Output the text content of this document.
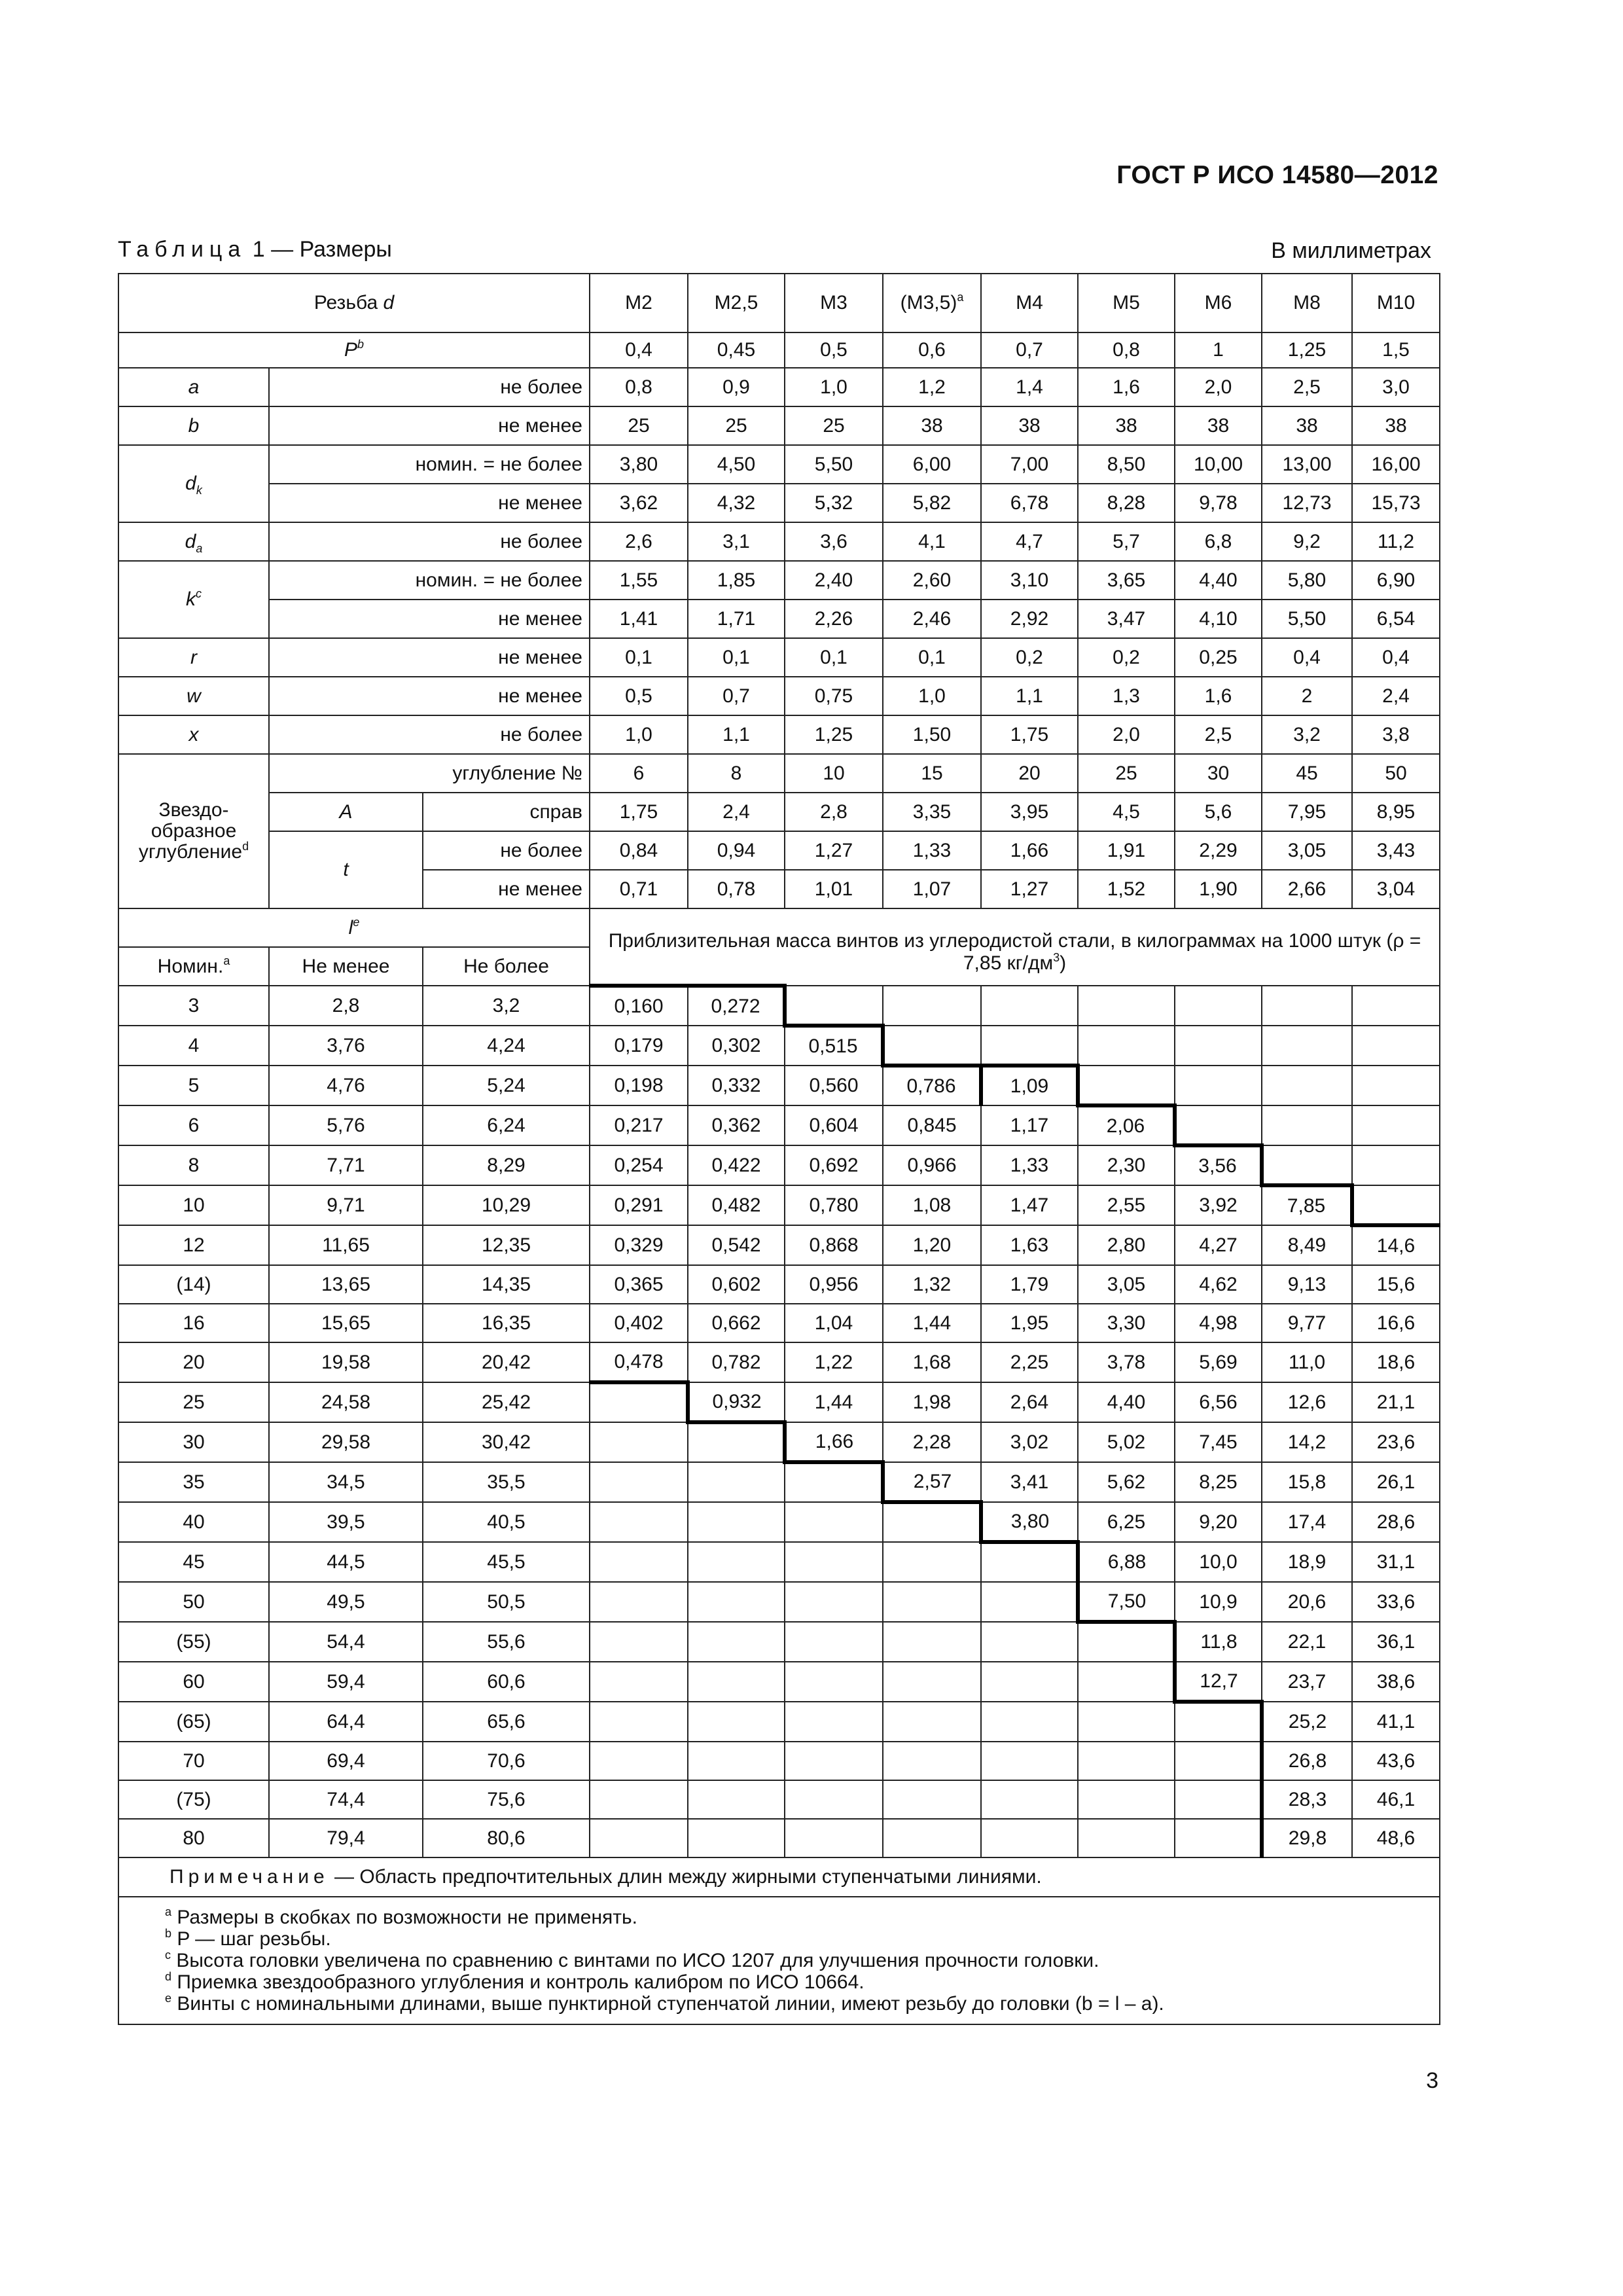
ГОСТ Р ИСО 14580—2012
Таблица 1 — Размеры	В миллиметрах
Резьба d			M2	M2,5	M3	$(M3,5)^a$	M4	M5	M6	M8	M10
$P^b$			0,4	0,45	0,5	0,6	0,7	0,8	1	1,25	1,5
a	не более		0,8	0,9	1,0	1,2	1,4	1,6	2,0	2,5	3,0
b	не менее		25	25	25	38	38	38	38	38	38
$d_k$	номин. = не более		3,80	4,50	5,50	6,00	7,00	8,50	10,00	13,00	16,00
	не менее		3,62	4,32	5,32	5,82	6,78	8,28	9,78	12,73	15,73
$d_a$	не более		2,6	3,1	3,6	4,1	4,7	5,7	6,8	9,2	11,2
$k^c$	номин. = не более		1,55	1,85	2,40	2,60	3,10	3,65	4,40	5,80	6,90
	не менее		1,41	1,71	2,26	2,46	2,92	3,47	4,10	5,50	6,54
r	не менее		0,1	0,1	0,1	0,1	0,2	0,2	0,25	0,4	0,4
w	не менее		0,5	0,7	0,75	1,0	1,1	1,3	1,6	2	2,4
x	не более		1,0	1,1	1,25	1,50	1,75	2,0	2,5	3,2	3,8
Звездо-образное углубление$^d$	углубление №		6	8	10	15	20	25	30	45	50
	A	справ	1,75	2,4	2,8	3,35	3,95	4,5	5,6	7,95	8,95
	t	не более	0,84	0,94	1,27	1,33	1,66	1,91	2,29	3,05	3,43
		не менее	0,71	0,78	1,01	1,07	1,27	1,52	1,90	2,66	3,04
$l^e$			Приблизительная масса винтов из углеродистой стали, в килограммах на 1000 штук (ρ = 7,85 $кг/дм^3$)								
Номин.$^a$	Не менее	Не более									
3	2,8	3,2	0,160	0,272							
4	3,76	4,24	0,179	0,302	0,515						
5	4,76	5,24	0,198	0,332	0,560	0,786	1,09				
6	5,76	6,24	0,217	0,362	0,604	0,845	1,17	2,06			
8	7,71	8,29	0,254	0,422	0,692	0,966	1,33	2,30	3,56		
10	9,71	10,29	0,291	0,482	0,780	1,08	1,47	2,55	3,92	7,85	
12	11,65	12,35	0,329	0,542	0,868	1,20	1,63	2,80	4,27	8,49	14,6
(14)	13,65	14,35	0,365	0,602	0,956	1,32	1,79	3,05	4,62	9,13	15,6
16	15,65	16,35	0,402	0,662	1,04	1,44	1,95	3,30	4,98	9,77	16,6
20	19,58	20,42	0,478	0,782	1,22	1,68	2,25	3,78	5,69	11,0	18,6
25	24,58	25,42		0,932	1,44	1,98	2,64	4,40	6,56	12,6	21,1
30	29,58	30,42			1,66	2,28	3,02	5,02	7,45	14,2	23,6
35	34,5	35,5				2,57	3,41	5,62	8,25	15,8	26,1
40	39,5	40,5					3,80	6,25	9,20	17,4	28,6
45	44,5	45,5						6,88	10,0	18,9	31,1
50	49,5	50,5						7,50	10,9	20,6	33,6
(55)	54,4	55,6							11,8	22,1	36,1
60	59,4	60,6							12,7	23,7	38,6
(65)	64,4	65,6								25,2	41,1
70	69,4	70,6								26,8	43,6
(75)	74,4	75,6								28,3	46,1
80	79,4	80,6								29,8	48,6
Примечание — Область предпочтительных длин между жирными ступенчатыми линиями.											

$^a$ Размеры в скобках по возможности не применять.
$^b$ P — шаг резьбы.
$^c$ Высота головки увеличена по сравнению с винтами по ИСО 1207 для улучшения прочности головки.
$^d$ Приемка звездообразного углубления и контроль калибром по ИСО 10664.
$^e$ Винты с номинальными длинами, выше пунктирной ступенчатой линии, имеют резьбу до головки (b = l – a).											
3
